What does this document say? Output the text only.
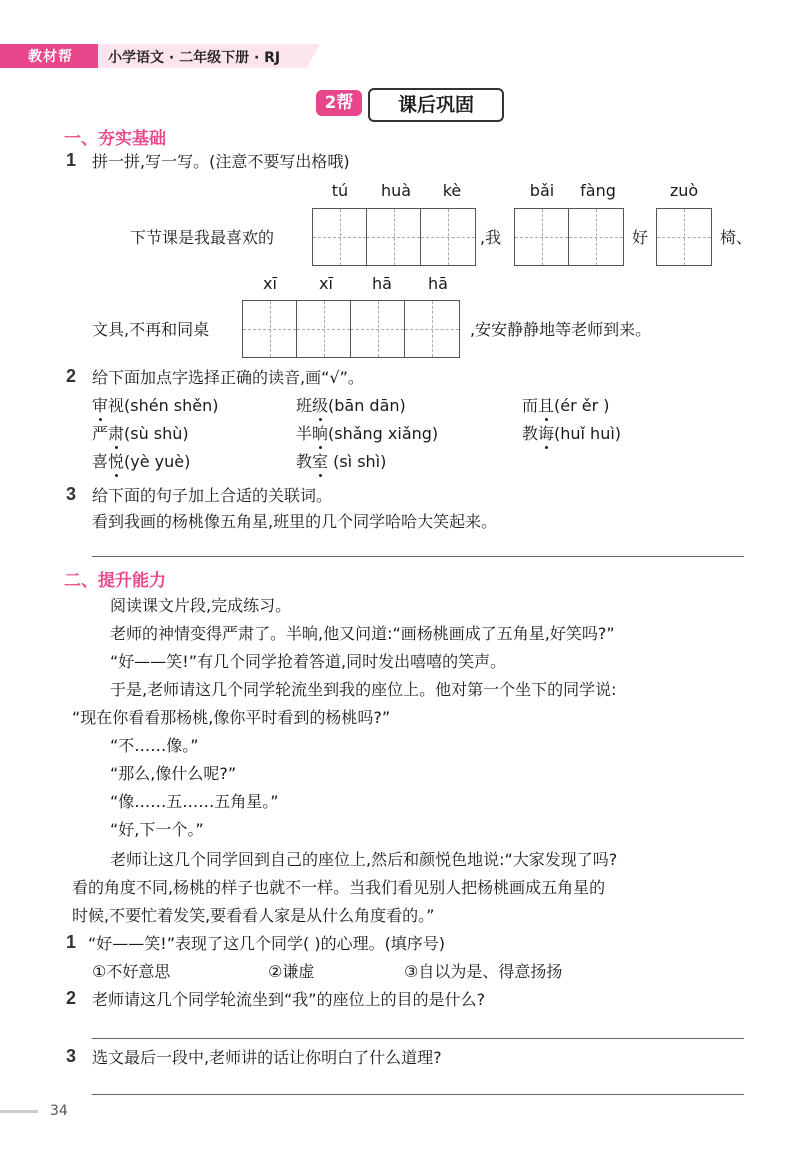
教材帮	小学语文 · 二年级下册 · RJ
2帮	课后巩固
一、夯实基础
1 拼一拼,写一写。(注意不要写出格哦)
tú	huà	kè	bǎi	fàng	zuò
下节课是我最喜欢的	,我	好	椅、
xī	xī	hā	hā
文具,不再和同桌	,安安静静地等老师到来。
2 给下面加点字选择正确的读音,画“√”。
审视(shén shěn)	班级(bān dān)	而且(ér ěr )
严肃(sù shù)	半晌(shǎng xiǎng)	教诲(huǐ huì)
喜悦(yè yuè)	教室 (sì shì)
3 给下面的句子加上合适的关联词。
看到我画的杨桃像五角星,班里的几个同学哈哈大笑起来。
二、提升能力
阅读课文片段,完成练习。
老师的神情变得严肃了。半晌,他又问道:“画杨桃画成了五角星,好笑吗?”
“好——笑!”有几个同学抢着答道,同时发出嘻嘻的笑声。
于是,老师请这几个同学轮流坐到我的座位上。他对第一个坐下的同学说:
“现在你看看那杨桃,像你平时看到的杨桃吗?”
“不……像。”
“那么,像什么呢?”
“像……五……五角星。”
“好,下一个。”
老师让这几个同学回到自己的座位上,然后和颜悦色地说:“大家发现了吗?
看的角度不同,杨桃的样子也就不一样。当我们看见别人把杨桃画成五角星的
时候,不要忙着发笑,要看看人家是从什么角度看的。”
1 “好——笑!”表现了这几个同学( )的心理。(填序号)
①不好意思	②谦虚	③自以为是、得意扬扬
2 老师请这几个同学轮流坐到“我”的座位上的目的是什么?
3 选文最后一段中,老师讲的话让你明白了什么道理?
34
